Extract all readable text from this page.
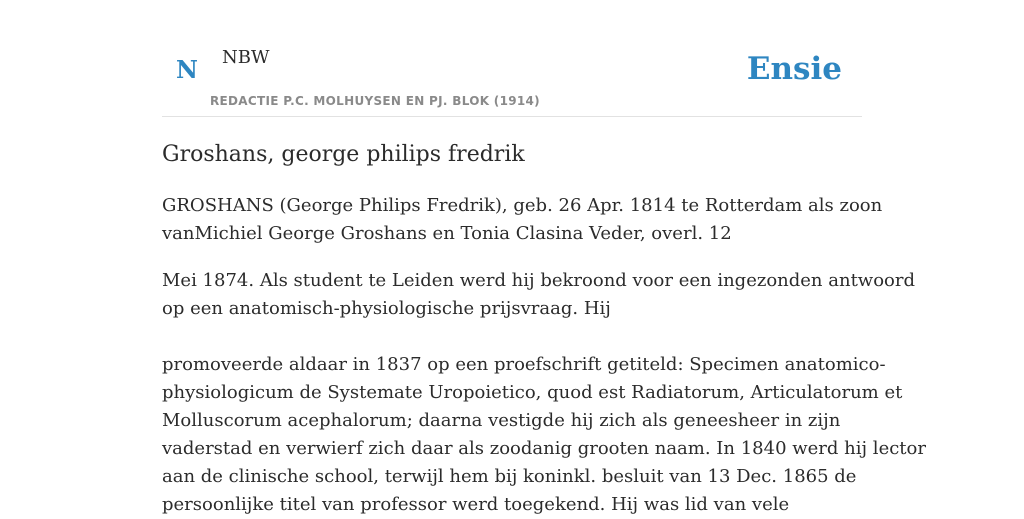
N NBW
REDACTIE P.C. MOLHUYSEN EN PJ. BLOK (1914)
Ensie
Groshans, george philips fredrik

GROSHANS (George Philips Fredrik), geb. 26 Apr. 1814 te Rotterdam als zoon
vanMichiel George Groshans en Tonia Clasina Veder, overl. 12

Mei 1874. Als student te Leiden werd hij bekroond voor een ingezonden antwoord
op een anatomisch-physiologische prijsvraag. Hij

promoveerde aldaar in 1837 op een proefschrift getiteld: Specimen anatomico-
physiologicum de Systemate Uropoietico, quod est Radiatorum, Articulatorum et
Molluscorum acephalorum; daarna vestigde hij zich als geneesheer in zijn
vaderstad en verwierf zich daar als zoodanig grooten naam. In 1840 werd hij lector
aan de clinische school, terwijl hem bij koninkl. besluit van 13 Dec. 1865 de
persoonlijke titel van professor werd toegekend. Hij was lid van vele
